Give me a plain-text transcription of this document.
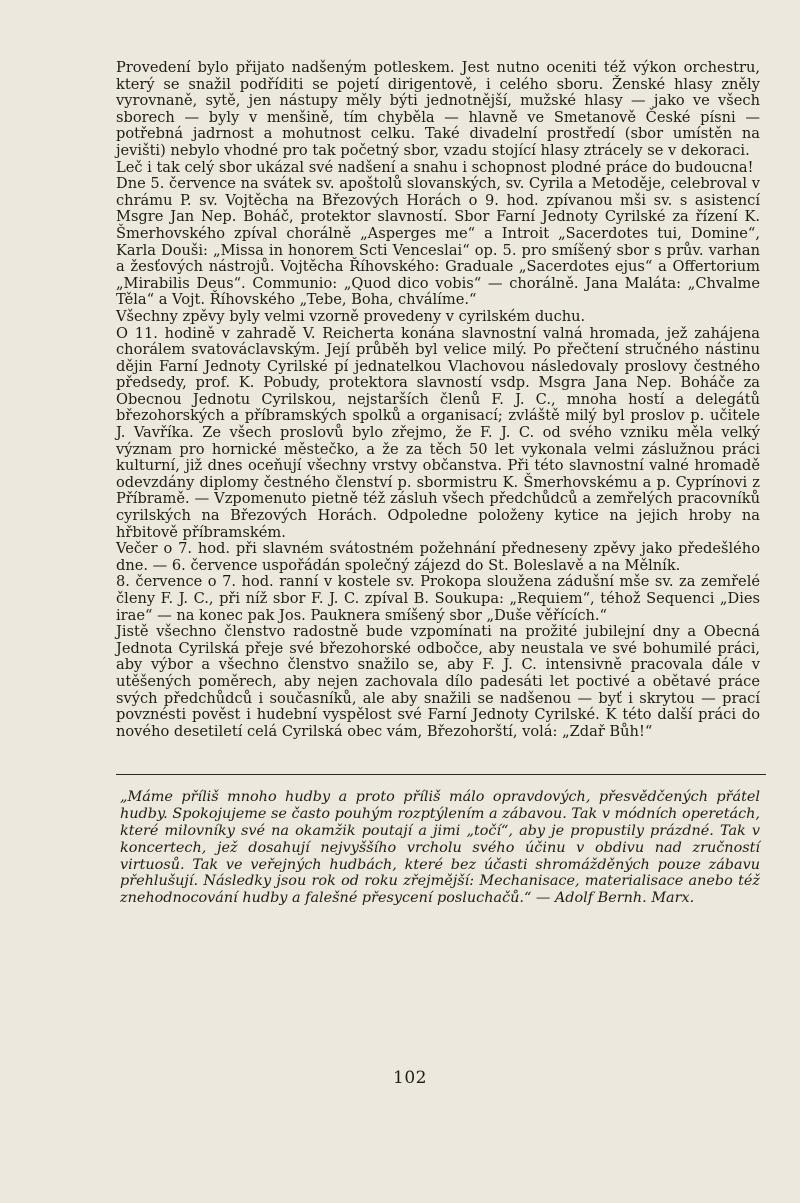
Provedení bylo přijato nadšeným potleskem. Jest nutno oceniti též výkon orchestru, který se snažil podříditi se pojetí dirigentově, i celého sboru. Ženské hlasy zněly vyrovnaně, sytě, jen nástupy měly býti jednotnější, mužské hlasy — jako ve všech sborech — byly v menšině, tím chyběla — hlavně ve Smetanově České písni — potřebná jadrnost a mohutnost celku. Také divadelní prostředí (sbor umístěn na jevišti) nebylo vhodné pro tak početný sbor, vzadu stojící hlasy ztrácely se v dekoraci.

Leč i tak celý sbor ukázal své nadšení a snahu i schopnost plodné práce do budoucna!

Dne 5. července na svátek sv. apoštolů slovanských, sv. Cyrila a Metoděje, celebroval v chrámu P. sv. Vojtěcha na Březových Horách o 9. hod. zpívanou mši sv. s asistencí Msgre Jan Nep. Boháč, protektor slavností. Sbor Farní Jednoty Cyrilské za řízení K. Šmerhovského zpíval chorálně „Asperges me“ a Introit „Sacerdotes tui, Domine“, Karla Douši: „Missa in honorem Scti Venceslai“ op. 5. pro smíšený sbor s prův. varhan a žesťových nástrojů. Vojtěcha Říhovského: Graduale „Sacerdotes ejus“ a Offertorium „Mirabilis Deus“. Communio: „Quod dico vobis“ — chorálně. Jana Maláta: „Chvalme Těla“ a Vojt. Říhovského „Tebe, Boha, chválíme.“

Všechny zpěvy byly velmi vzorně provedeny v cyrilském duchu.

O 11. hodině v zahradě V. Reicherta konána slavnostní valná hromada, jež zahájena chorálem svatováclavským. Její průběh byl velice milý. Po přečtení stručného nástinu dějin Farní Jednoty Cyrilské pí jednatelkou Vlachovou následovaly proslovy čestného předsedy, prof. K. Pobudy, protektora slavností vsdp. Msgra Jana Nep. Boháče za Obecnou Jednotu Cyrilskou, nejstarších členů F. J. C., mnoha hostí a delegátů březohorských a příbramských spolků a organisací; zvláště milý byl proslov p. učitele J. Vavříka. Ze všech proslovů bylo zřejmo, že F. J. C. od svého vzniku měla velký význam pro hornické městečko, a že za těch 50 let vykonala velmi záslužnou práci kulturní, již dnes oceňují všechny vrstvy občanstva. Při této slavnostní valné hromadě odevzdány diplomy čestného členství p. sbormistru K. Šmerhovskému a p. Cyprínovi z Příbramě. — Vzpomenuto pietně též zásluh všech předchůdců a zemřelých pracovníků cyrilských na Březových Horách. Odpoledne položeny kytice na jejich hroby na hřbitově příbramském.

Večer o 7. hod. při slavném svátostném požehnání předneseny zpěvy jako předešlého dne. — 6. července uspořádán společný zájezd do St. Boleslavě a na Mělník.

8. července o 7. hod. ranní v kostele sv. Prokopa sloužena zádušní mše sv. za zemřelé členy F. J. C., při níž sbor F. J. C. zpíval B. Soukupa: „Requiem“, téhož Sequenci „Dies irae“ — na konec pak Jos. Pauknera smíšený sbor „Duše věřících.“

Jistě všechno členstvo radostně bude vzpomínati na prožité jubilejní dny a Obecná Jednota Cyrilská přeje své březohorské odbočce, aby neustala ve své bohumilé práci, aby výbor a všechno členstvo snažilo se, aby F. J. C. intensivně pracovala dále v utěšených poměrech, aby nejen zachovala dílo padesáti let poctivé a obětavé práce svých předchůdců i současníků, ale aby snažili se nadšenou — byť i skrytou — prací povznésti pověst i hudební vyspělost své Farní Jednoty Cyrilské. K této další práci do nového desetiletí celá Cyrilská obec vám, Březohorští, volá: „Zdař Bůh!“

„Máme příliš mnoho hudby a proto příliš málo opravdových, přesvědčených přátel hudby. Spokojujeme se často pouhým rozptýlením a zábavou. Tak v módních operetách, které milovníky své na okamžik poutají a jimi „točí“, aby je propustily prázdné. Tak v koncertech, jež dosahují nejvyššího vrcholu svého účinu v obdivu nad zručností virtuosů. Tak ve veřejných hudbách, které bez účasti shromážděných pouze zábavu přehlušují. Následky jsou rok od roku zřejmější: Mechanisace, materialisace anebo též znehodnocování hudby a falešné přesycení posluchačů.“ — Adolf Bernh. Marx.

102
